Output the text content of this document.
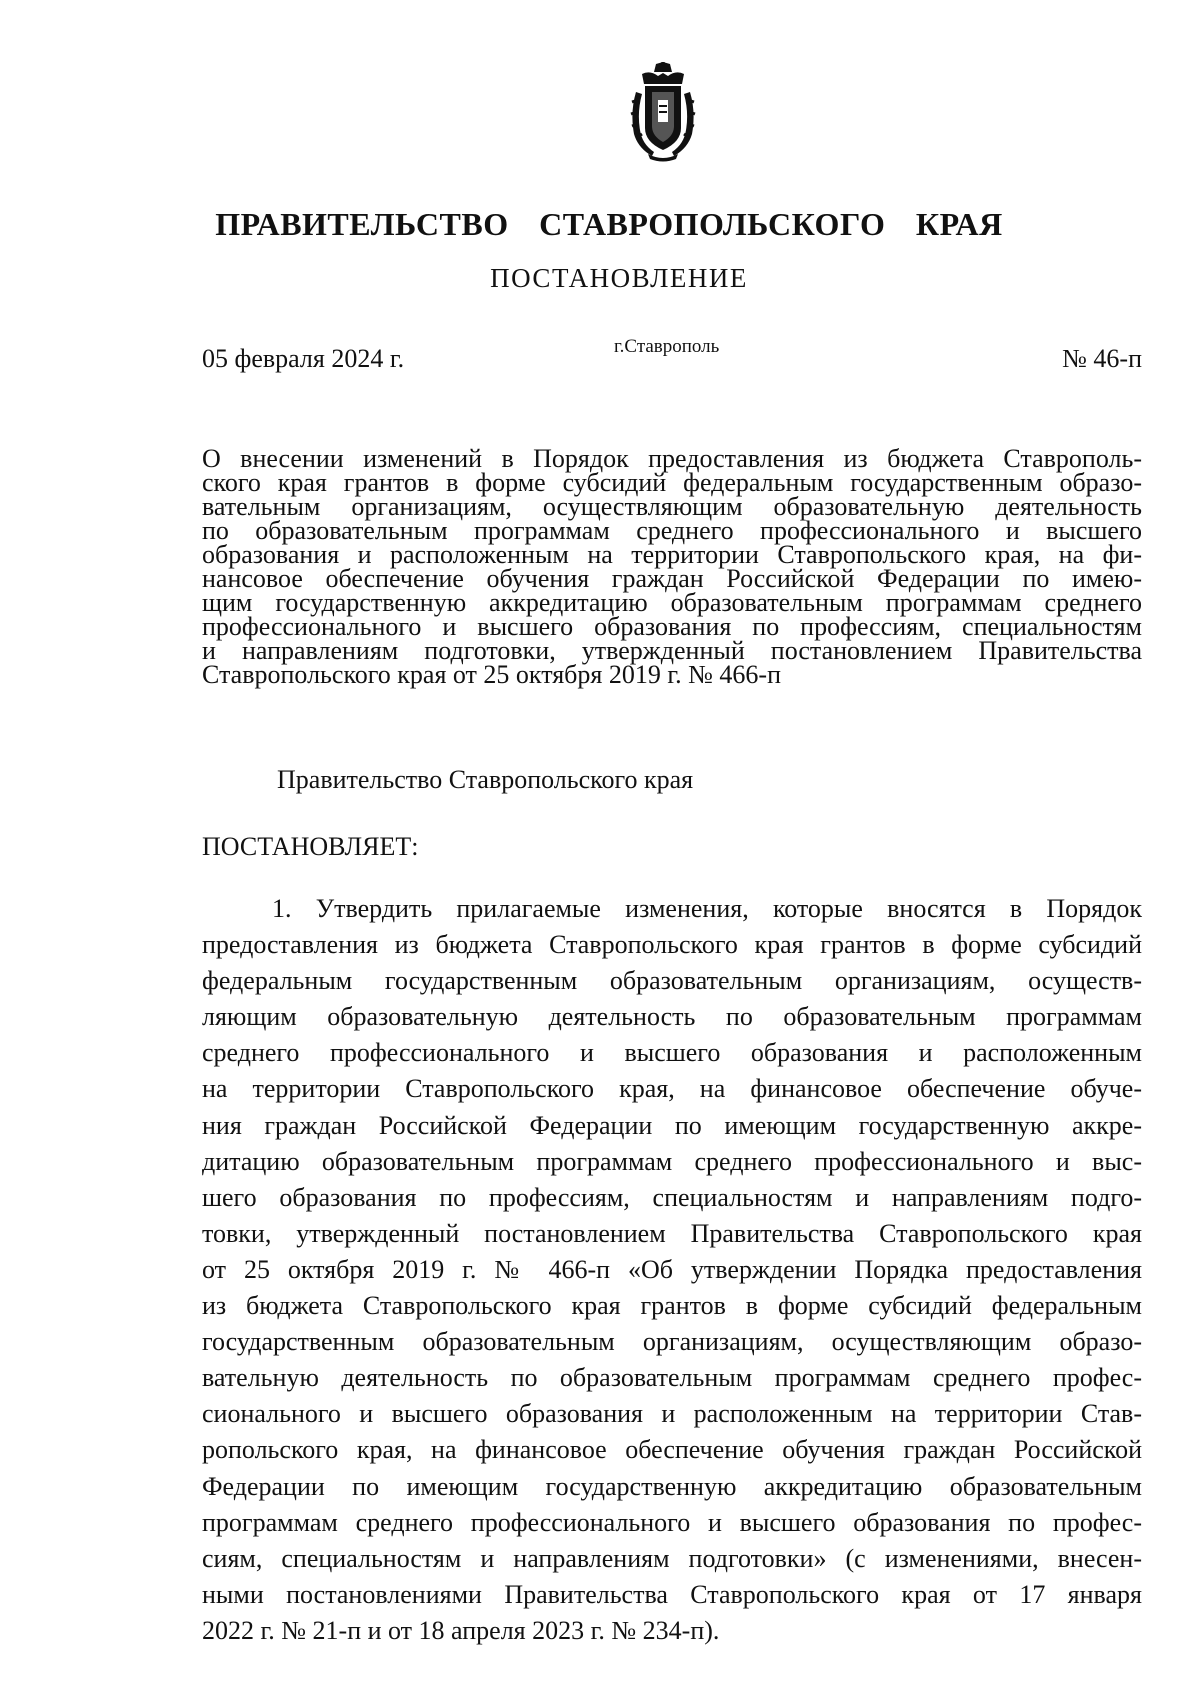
ПРАВИТЕЛЬСТВО СТАВРОПОЛЬСКОГО КРАЯ
ПОСТАНОВЛЕНИЕ
05 февраля 2024 г.	г.Ставрополь	№ 46-п
О внесении изменений в Порядок предоставления из бюджета Ставрополь-
ского края грантов в форме субсидий федеральным государственным образо-
вательным организациям, осуществляющим образовательную деятельность
по образовательным программам среднего профессионального и высшего
образования и расположенным на территории Ставропольского края, на фи-
нансовое обеспечение обучения граждан Российской Федерации по имею-
щим государственную аккредитацию образовательным программам среднего
профессионального и высшего образования по профессиям, специальностям
и направлениям подготовки, утвержденный постановлением Правительства
Ставропольского края от 25 октября 2019 г. № 466-п
Правительство Ставропольского края
ПОСТАНОВЛЯЕТ:
1. Утвердить прилагаемые изменения, которые вносятся в Порядок
предоставления из бюджета Ставропольского края грантов в форме субсидий
федеральным государственным образовательным организациям, осуществ-
ляющим образовательную деятельность по образовательным программам
среднего профессионального и высшего образования и расположенным
на территории Ставропольского края, на финансовое обеспечение обуче-
ния граждан Российской Федерации по имеющим государственную аккре-
дитацию образовательным программам среднего профессионального и выс-
шего образования по профессиям, специальностям и направлениям подго-
товки, утвержденный постановлением Правительства Ставропольского края
от 25 октября 2019 г. № 466-п «Об утверждении Порядка предоставления
из бюджета Ставропольского края грантов в форме субсидий федеральным
государственным образовательным организациям, осуществляющим образо-
вательную деятельность по образовательным программам среднего профес-
сионального и высшего образования и расположенным на территории Став-
ропольского края, на финансовое обеспечение обучения граждан Российской
Федерации по имеющим государственную аккредитацию образовательным
программам среднего профессионального и высшего образования по профес-
сиям, специальностям и направлениям подготовки» (с изменениями, внесен-
ными постановлениями Правительства Ставропольского края от 17 января
2022 г. № 21-п и от 18 апреля 2023 г. № 234-п).
